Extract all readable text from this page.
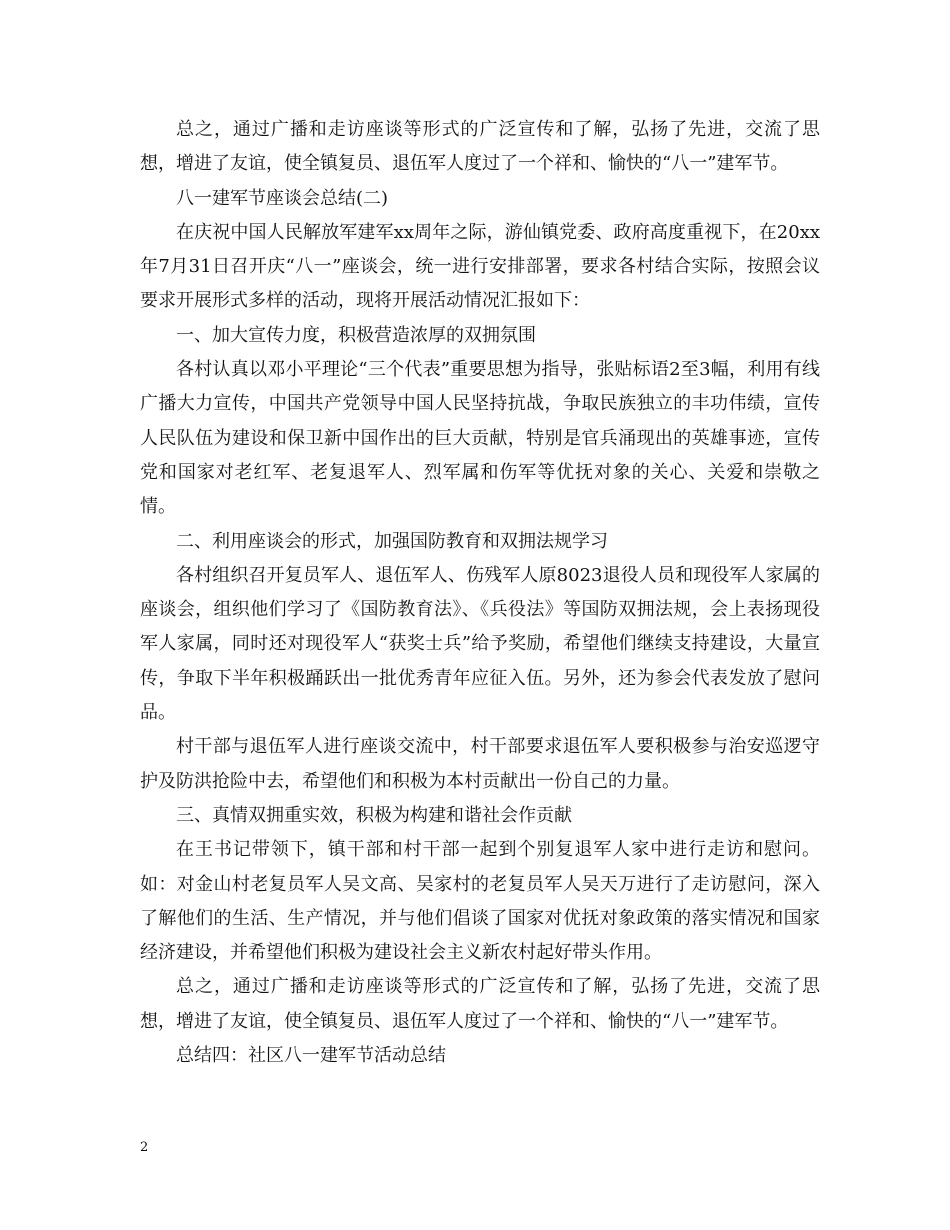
总之，通过广播和走访座谈等形式的广泛宣传和了解，弘扬了先进，交流了思想，增进了友谊，使全镇复员、退伍军人度过了一个祥和、愉快的“八一”建军节。

八一建军节座谈会总结(二)

在庆祝中国人民解放军建军xx周年之际，游仙镇党委、政府高度重视下，在20xx年7月31日召开庆“八一”座谈会，统一进行安排部署，要求各村结合实际，按照会议要求开展形式多样的活动，现将开展活动情况汇报如下：

一、加大宣传力度，积极营造浓厚的双拥氛围

各村认真以邓小平理论“三个代表”重要思想为指导，张贴标语2至3幅，利用有线广播大力宣传，中国共产党领导中国人民坚持抗战，争取民族独立的丰功伟绩，宣传人民队伍为建设和保卫新中国作出的巨大贡献，特别是官兵涌现出的英雄事迹，宣传党和国家对老红军、老复退军人、烈军属和伤军等优抚对象的关心、关爱和崇敬之情。

二、利用座谈会的形式，加强国防教育和双拥法规学习

各村组织召开复员军人、退伍军人、伤残军人原8023退役人员和现役军人家属的座谈会，组织他们学习了《国防教育法》、《兵役法》等国防双拥法规，会上表扬现役军人家属，同时还对现役军人“获奖士兵”给予奖励，希望他们继续支持建设，大量宣传，争取下半年积极踊跃出一批优秀青年应征入伍。另外，还为参会代表发放了慰问品。

村干部与退伍军人进行座谈交流中，村干部要求退伍军人要积极参与治安巡逻守护及防洪抢险中去，希望他们和积极为本村贡献出一份自己的力量。

三、真情双拥重实效，积极为构建和谐社会作贡献

在王书记带领下，镇干部和村干部一起到个别复退军人家中进行走访和慰问。如：对金山村老复员军人吴文高、吴家村的老复员军人吴天万进行了走访慰问，深入了解他们的生活、生产情况，并与他们倡谈了国家对优抚对象政策的落实情况和国家经济建设，并希望他们积极为建设社会主义新农村起好带头作用。

总之，通过广播和走访座谈等形式的广泛宣传和了解，弘扬了先进，交流了思想，增进了友谊，使全镇复员、退伍军人度过了一个祥和、愉快的“八一”建军节。

总结四：社区八一建军节活动总结

2
